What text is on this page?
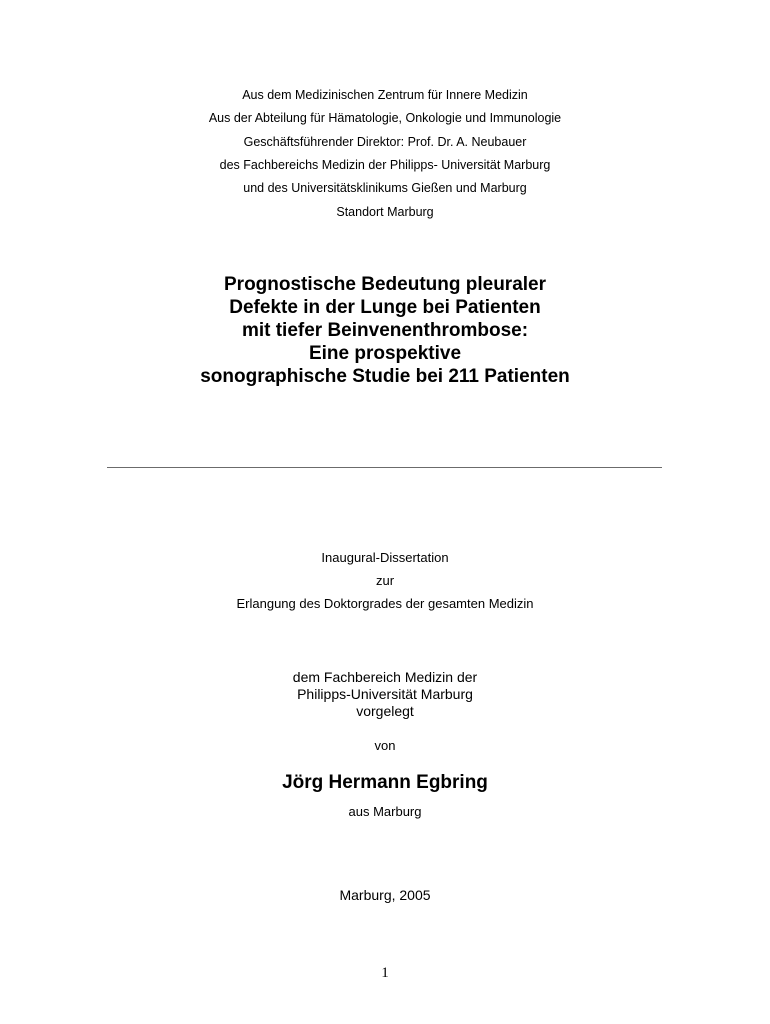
Aus dem Medizinischen Zentrum für Innere Medizin
Aus der Abteilung für Hämatologie, Onkologie und Immunologie
Geschäftsführender Direktor: Prof. Dr. A. Neubauer
des Fachbereichs Medizin der Philipps- Universität Marburg
und des Universitätsklinikums Gießen und Marburg
Standort Marburg
Prognostische Bedeutung pleuraler
Defekte in der Lunge bei Patienten
mit tiefer Beinvenenthrombose:
Eine prospektive
sonographische Studie bei 211 Patienten
Inaugural-Dissertation
zur
Erlangung des Doktorgrades der gesamten Medizin
dem Fachbereich Medizin der
Philipps-Universität Marburg
vorgelegt
von
Jörg Hermann Egbring
aus Marburg
Marburg, 2005
1
